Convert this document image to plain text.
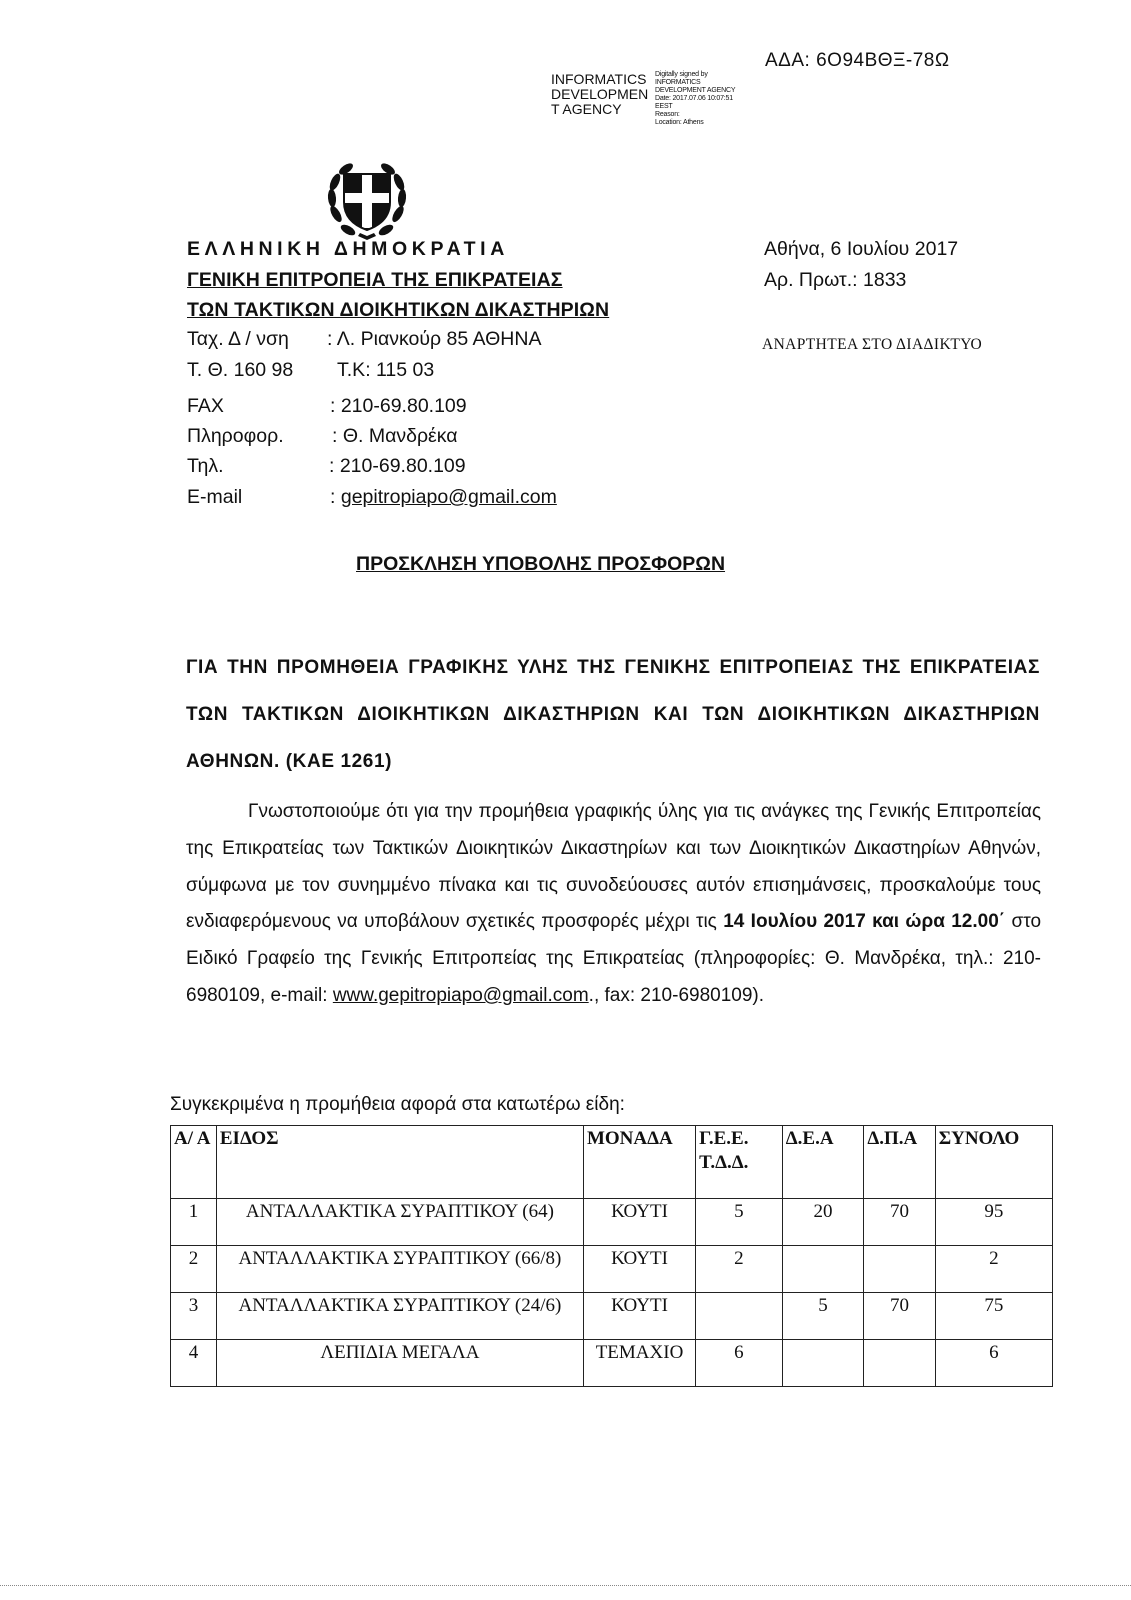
ΑΔΑ: 6Ο94ΒΘΞ-78Ω
INFORMATICS
DEVELOPMEN
T AGENCY
Digitally signed by
INFORMATICS
DEVELOPMENT AGENCY
Date: 2017.07.06 10:07:51
EEST
Reason:
Location: Athens
ΕΛΛΗΝΙΚΗ ΔΗΜΟΚΡΑΤΙΑ
ΓΕΝΙΚΗ ΕΠΙΤΡΟΠΕΙΑ ΤΗΣ ΕΠΙΚΡΑΤΕΙΑΣ
ΤΩΝ ΤΑΚΤΙΚΩΝ ΔΙΟΙΚΗΤΙΚΩΝ ΔΙΚΑΣΤΗΡΙΩΝ
Ταχ. Δ / νση : Λ. Ριανκούρ 85 ΑΘΗΝΑ
Τ. Θ. 160 98 Τ.Κ: 115 03
FAX	: 210-69.80.109
Πληροφορ. : Θ. Μανδρέκα
Τηλ.	: 210-69.80.109
E-mail	: gepitropiapo@gmail.com
Αθήνα, 6 Ιουλίου 2017
Αρ. Πρωτ.: 1833
ΑΝΑΡΤΗΤΕΑ ΣΤΟ ΔΙΑΔΙΚΤΥΟ
ΠΡΟΣΚΛΗΣΗ ΥΠΟΒΟΛΗΣ ΠΡΟΣΦΟΡΩΝ
ΓΙΑ ΤΗΝ ΠΡΟΜΗΘΕΙΑ ΓΡΑΦΙΚΗΣ ΥΛΗΣ ΤΗΣ ΓΕΝΙΚΗΣ ΕΠΙΤΡΟΠΕΙΑΣ ΤΗΣ ΕΠΙΚΡΑΤΕΙΑΣ ΤΩΝ ΤΑΚΤΙΚΩΝ ΔΙΟΙΚΗΤΙΚΩΝ ΔΙΚΑΣΤΗΡΙΩΝ ΚΑΙ ΤΩΝ ΔΙΟΙΚΗΤΙΚΩΝ ΔΙΚΑΣΤΗΡΙΩΝ ΑΘΗΝΩΝ. (ΚΑΕ 1261)
Γνωστοποιούμε ότι για την προμήθεια γραφικής ύλης για τις ανάγκες της Γενικής Επιτροπείας της Επικρατείας των Τακτικών Διοικητικών Δικαστηρίων και των Διοικητικών Δικαστηρίων Αθηνών, σύμφωνα με τον συνημμένο πίνακα και τις συνοδεύουσες αυτόν επισημάνσεις, προσκαλούμε τους ενδιαφερόμενους να υποβάλουν σχετικές προσφορές μέχρι τις 14 Ιουλίου 2017 και ώρα 12.00΄ στο Ειδικό Γραφείο της Γενικής Επιτροπείας της Επικρατείας (πληροφορίες: Θ. Μανδρέκα, τηλ.: 210-6980109, e-mail: www.gepitropiapo@gmail.com., fax: 210-6980109).
Συγκεκριμένα η προμήθεια αφορά στα κατωτέρω είδη:
Α/ Α	ΕΙΔΟΣ	ΜΟΝΑΔΑ	Γ.Ε.Ε. Τ.Δ.Δ.	Δ.Ε.Α	Δ.Π.Α	ΣΥΝΟΛΟ
1	ΑΝΤΑΛΛΑΚΤΙΚΑ ΣΥΡΑΠΤΙΚΟΥ (64)	ΚΟΥΤΙ	5	20	70	95
2	ΑΝΤΑΛΛΑΚΤΙΚΑ ΣΥΡΑΠΤΙΚΟΥ (66/8)	ΚΟΥΤΙ	2			2
3	ΑΝΤΑΛΛΑΚΤΙΚΑ ΣΥΡΑΠΤΙΚΟΥ (24/6)	ΚΟΥΤΙ		5	70	75
4	ΛΕΠΙΔΙΑ ΜΕΓΑΛΑ	ΤΕΜΑΧΙΟ	6			6
